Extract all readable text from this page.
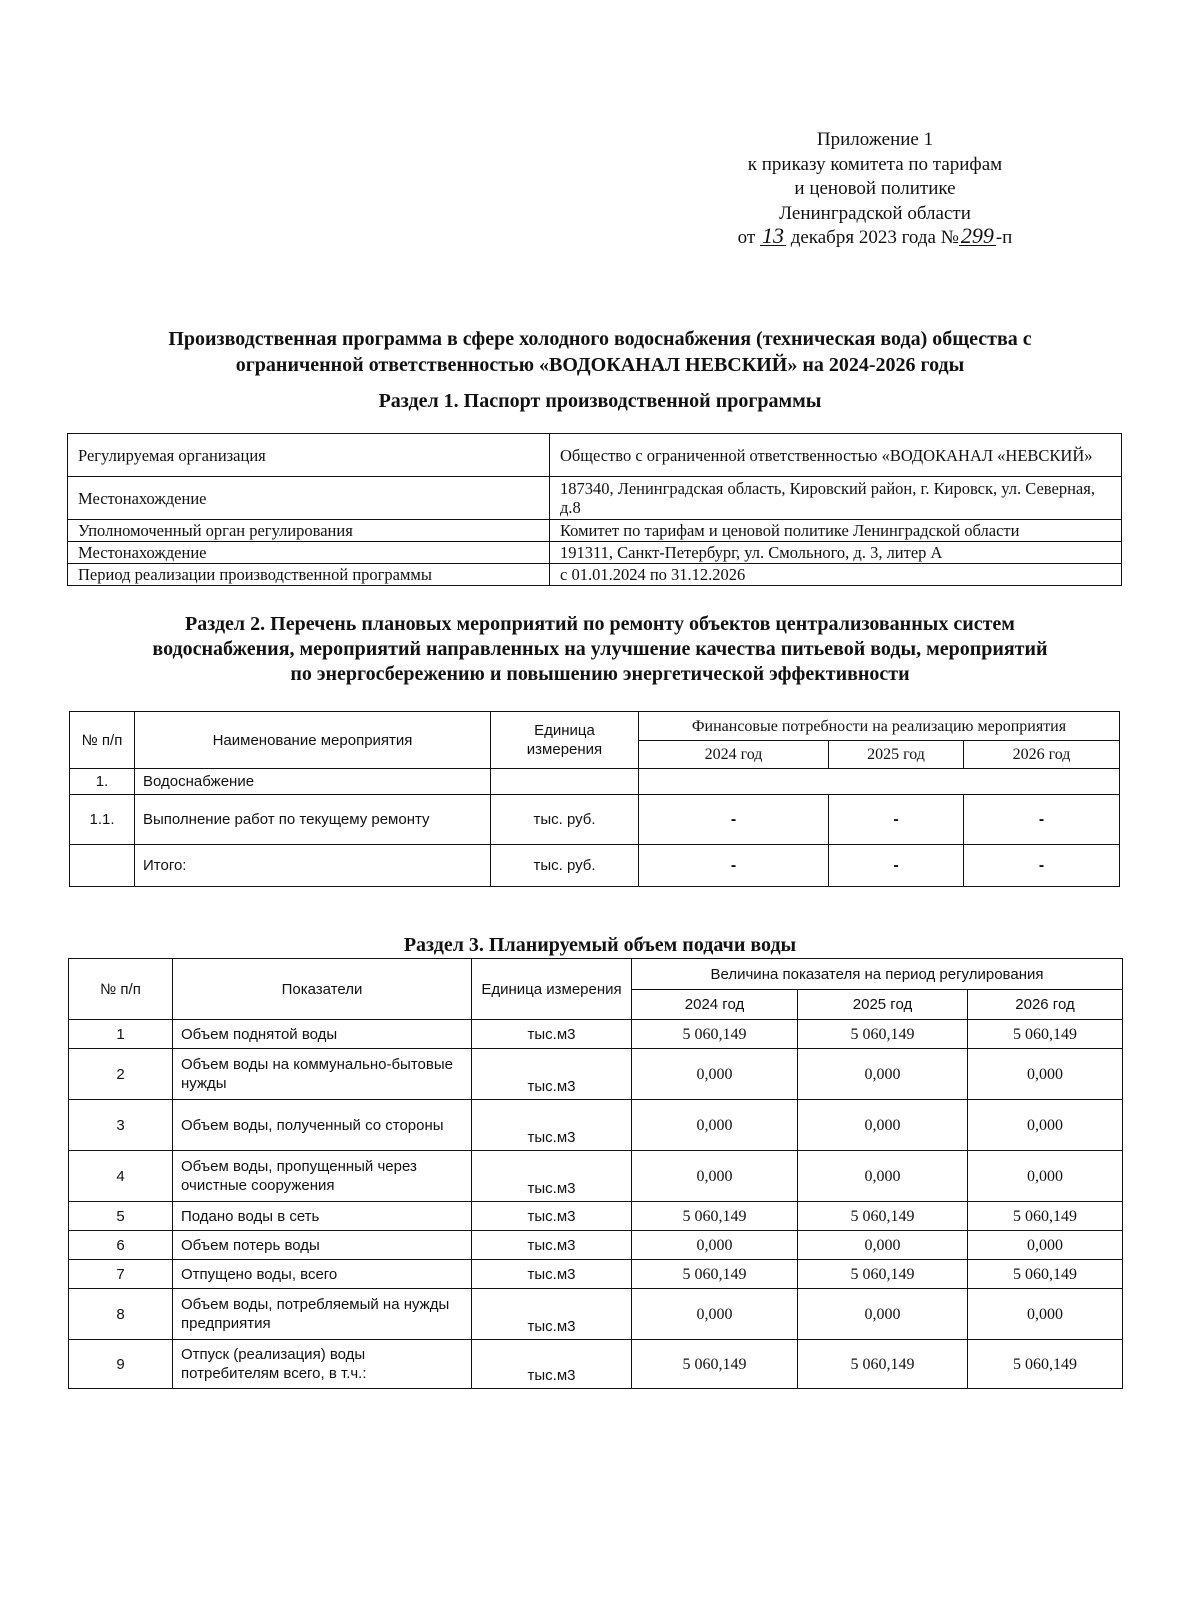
Приложение 1
к приказу комитета по тарифам
и ценовой политике
Ленинградской области
от 13 декабря 2023 года №299 -п
Производственная программа в сфере холодного водоснабжения (техническая вода) общества с
ограниченной ответственностью «ВОДОКАНАЛ НЕВСКИЙ» на 2024-2026 годы
Раздел 1. Паспорт производственной программы
Регулируемая организация	Общество с ограниченной ответственностью «ВОДОКАНАЛ «НЕВСКИЙ»
Местонахождение	187340, Ленинградская область, Кировский район, г. Кировск, ул. Северная, д.8
Уполномоченный орган регулирования	Комитет по тарифам и ценовой политике Ленинградской области
Местонахождение	191311, Санкт-Петербург, ул. Смольного, д. 3, литер А
Период реализации производственной программы	с 01.01.2024 по 31.12.2026
Раздел 2. Перечень плановых мероприятий по ремонту объектов централизованных систем
водоснабжения, мероприятий направленных на улучшение качества питьевой воды, мероприятий
по энергосбережению и повышению энергетической эффективности
№ п/п	Наименование мероприятия	Единица измерения	Финансовые потребности на реализацию мероприятия		
			2024 год	2025 год	2026 год
1.	Водоснабжение				
1.1.	Выполнение работ по текущему ремонту	тыс. руб.	-	-	-
	Итого:	тыс. руб.	-	-	-
Раздел 3. Планируемый объем подачи воды
№ п/п	Показатели	Единица измерения	Величина показателя на период регулирования		
			2024 год	2025 год	2026 год
1	Объем поднятой воды	тыс.м3	5 060,149	5 060,149	5 060,149
2	Объем воды на коммунально-бытовые нужды	тыс.м3	0,000	0,000	0,000
3	Объем воды, полученный со стороны	тыс.м3	0,000	0,000	0,000
4	Объем воды, пропущенный через очистные сооружения	тыс.м3	0,000	0,000	0,000
5	Подано воды в сеть	тыс.м3	5 060,149	5 060,149	5 060,149
6	Объем потерь воды	тыс.м3	0,000	0,000	0,000
7	Отпущено воды, всего	тыс.м3	5 060,149	5 060,149	5 060,149
8	Объем воды, потребляемый на нужды предприятия	тыс.м3	0,000	0,000	0,000
9	Отпуск (реализация) воды потребителям всего, в т.ч.:	тыс.м3	5 060,149	5 060,149	5 060,149
